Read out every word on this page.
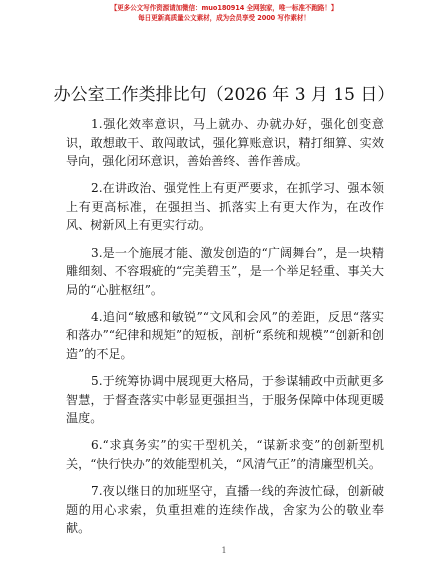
【更多公文写作资源请加微信：muo180914 全网独家，唯一标准不跑路！】
每日更新高质量公文素材，成为会员享受 2000 写作素材！
办公室工作类排比句（2026 年 3 月 15 日）

1.强化效率意识，马上就办、办就办好，强化创变意识，敢想敢干、敢闯敢试，强化算账意识，精打细算、实效导向，强化闭环意识，善始善终、善作善成。

2.在讲政治、强党性上有更严要求，在抓学习、强本领上有更高标准，在强担当、抓落实上有更大作为，在改作风、树新风上有更实行动。

3.是一个施展才能、激发创造的“广阔舞台”，是一块精雕细刻、不容瑕疵的“完美碧玉”，是一个举足轻重、事关大局的“心脏枢纽”。

4.追问“敏感和敏锐”“文风和会风”的差距，反思“落实和落办”“纪律和规矩”的短板，剖析“系统和规模”“创新和创造”的不足。

5.于统筹协调中展现更大格局，于参谋辅政中贡献更多智慧，于督查落实中彰显更强担当，于服务保障中体现更暖温度。

6.“求真务实”的实干型机关，“谋新求变”的创新型机关，“快行快办”的效能型机关，“风清气正”的清廉型机关。

7.夜以继日的加班坚守，直播一线的奔波忙碌，创新破题的用心求索，负重担难的连续作战，舍家为公的敬业奉献。

1
